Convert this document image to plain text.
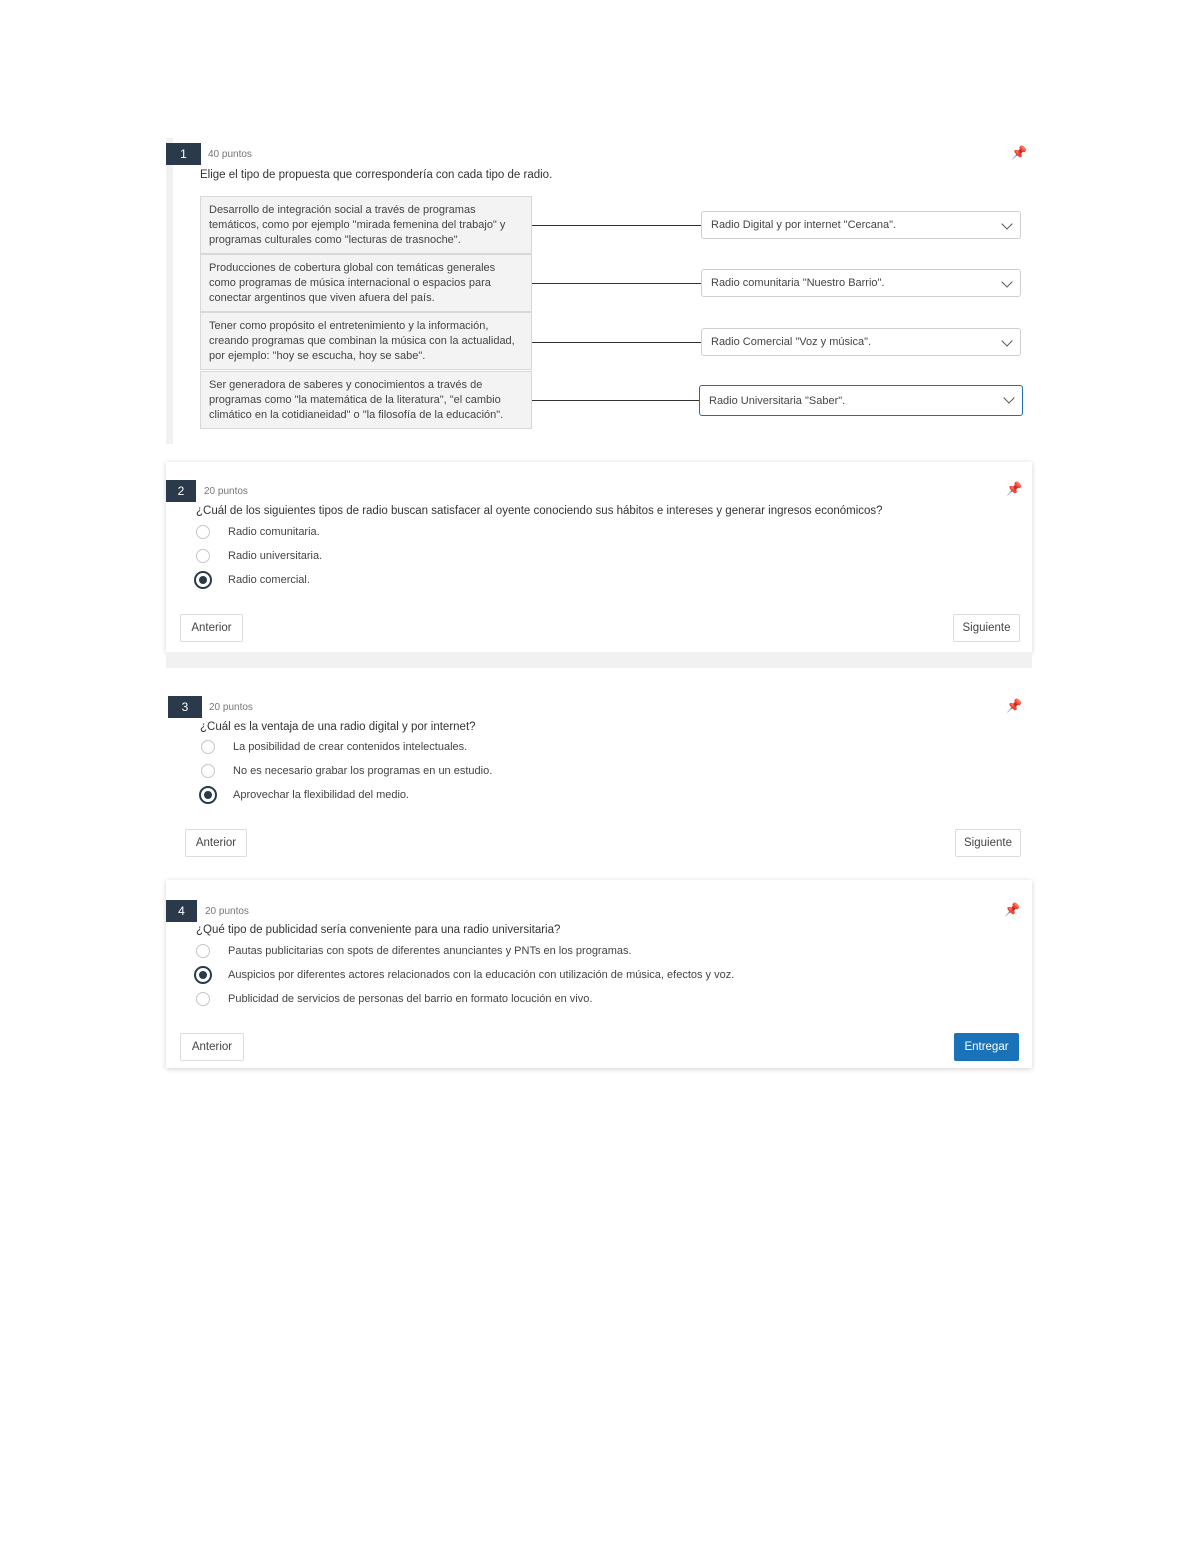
1	40 puntos	📌
Elige el tipo de propuesta que correspondería con cada tipo de radio.
Desarrollo de integración social a través de programas temáticos, como por ejemplo "mirada femenina del trabajo" y programas culturales como "lecturas de trasnoche".
Radio Digital y por internet "Cercana".
Producciones de cobertura global con temáticas generales como programas de música internacional o espacios para conectar argentinos que viven afuera del país.
Radio comunitaria "Nuestro Barrio".
Tener como propósito el entretenimiento y la información, creando programas que combinan la música con la actualidad, por ejemplo: "hoy se escucha, hoy se sabe".
Radio Comercial "Voz y música".
Ser generadora de saberes y conocimientos a través de programas como "la matemática de la literatura", "el cambio climático en la cotidianeidad" o "la filosofía de la educación".
Radio Universitaria "Saber".
2	20 puntos	📌
¿Cuál de los siguientes tipos de radio buscan satisfacer al oyente conociendo sus hábitos e intereses y generar ingresos económicos?
Radio comunitaria.
Radio universitaria.
Radio comercial.
Anterior	Siguiente
3	20 puntos	📌
¿Cuál es la ventaja de una radio digital y por internet?
La posibilidad de crear contenidos intelectuales.
No es necesario grabar los programas en un estudio.
Aprovechar la flexibilidad del medio.
Anterior	Siguiente
4	20 puntos	📌
¿Qué tipo de publicidad sería conveniente para una radio universitaria?
Pautas publicitarias con spots de diferentes anunciantes y PNTs en los programas.
Auspicios por diferentes actores relacionados con la educación con utilización de música, efectos y voz.
Publicidad de servicios de personas del barrio en formato locución en vivo.
Anterior	Entregar
